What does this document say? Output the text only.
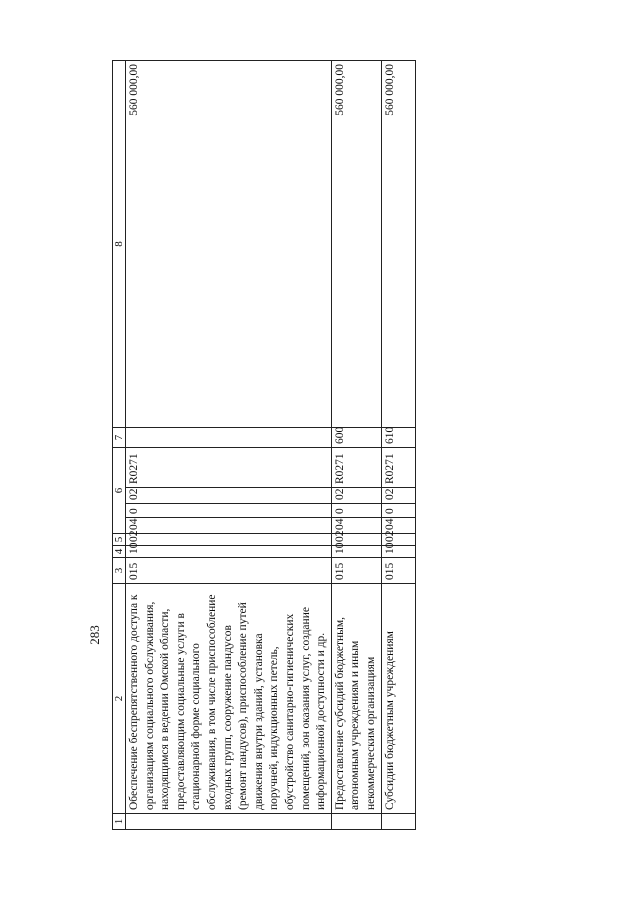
283
1	2	3	4	5	6				7	8
	Обеспечение беспрепятственного доступа к организациям социального обслуживания, находящимся в ведении Омской области, предоставляющим социальные услуги в стационарной форме социального обслуживания, в том числе приспособление входных групп, сооружение пандусов (ремонт пандусов), приспособление путей движения внутри зданий, установка поручней, индукционных петель, обустройство санитарно-гигиенических помещений, зон оказания услуг, создание информационной доступности и др.	015	10	02	04	0	02	R0271		560 000,00
	Предоставление субсидий бюджетным, автономным учреждениям и иным некоммерческим организациям	015	10	02	04	0	02	R0271	600	560 000,00
	Субсидии бюджетным учреждениям	015	10	02	04	0	02	R0271	610	560 000,00
